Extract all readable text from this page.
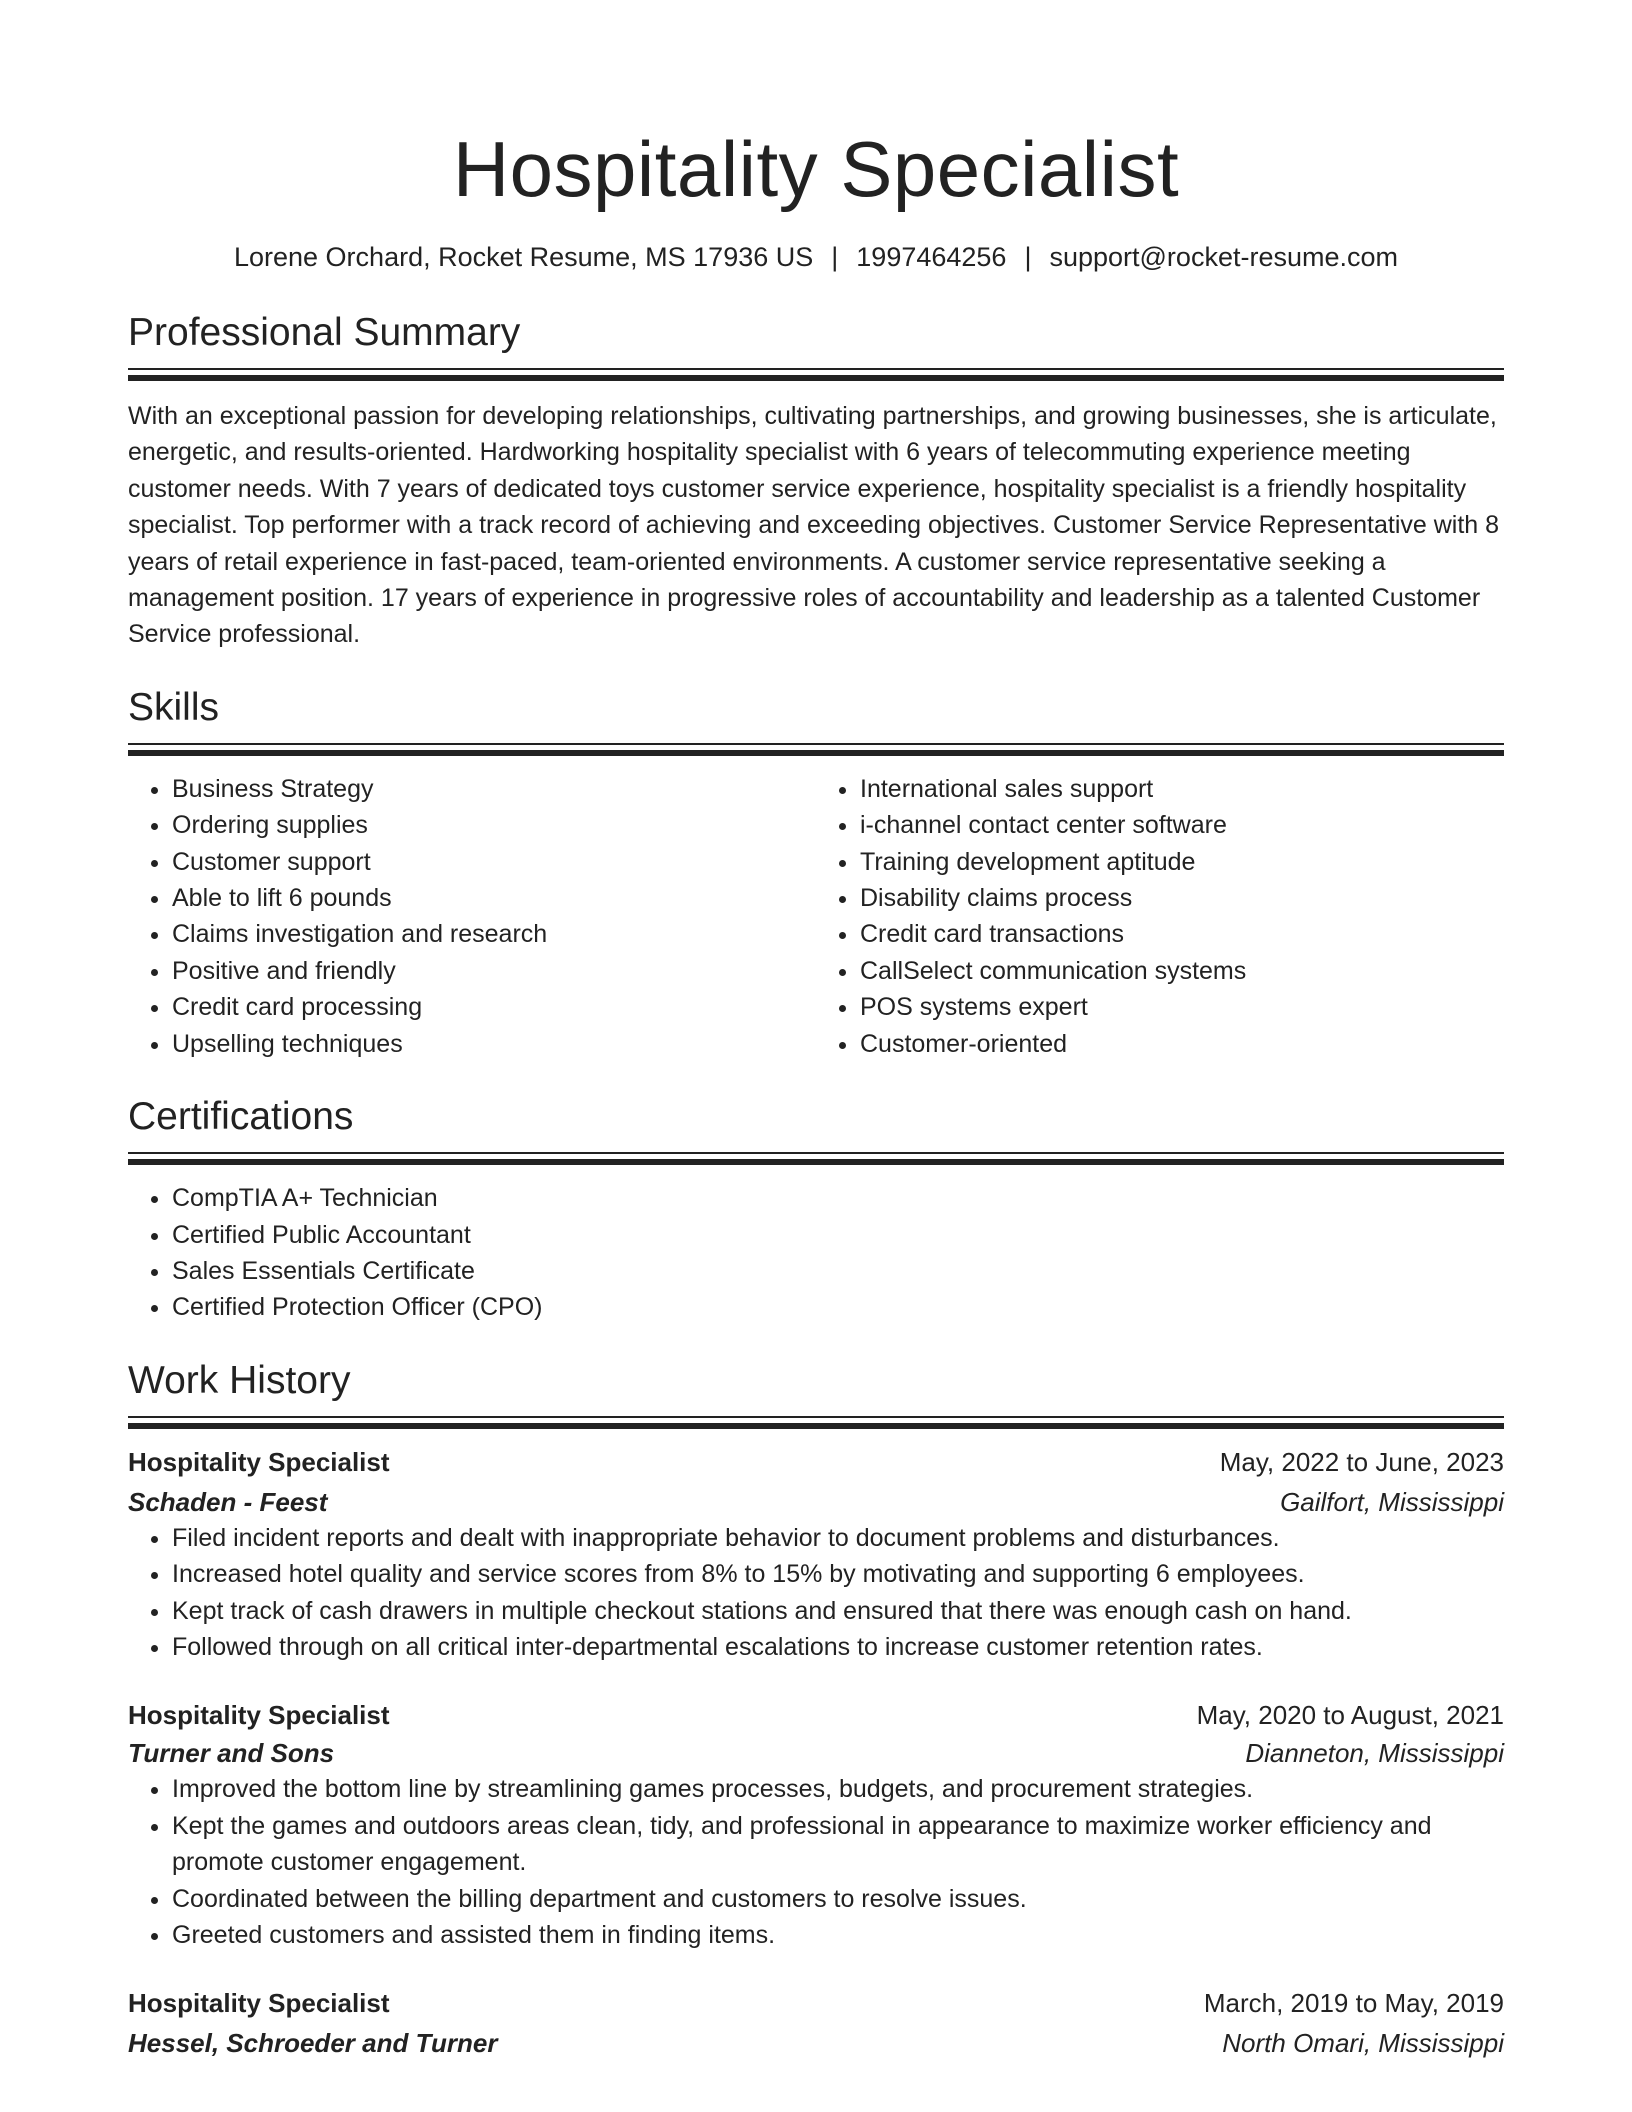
Hospitality Specialist
Lorene Orchard, Rocket Resume, MS 17936 US | 1997464256 | support@rocket-resume.com
Professional Summary

With an exceptional passion for developing relationships, cultivating partnerships, and growing businesses, she is articulate, energetic, and results-oriented. Hardworking hospitality specialist with 6 years of telecommuting experience meeting customer needs. With 7 years of dedicated toys customer service experience, hospitality specialist is a friendly hospitality specialist. Top performer with a track record of achieving and exceeding objectives. Customer Service Representative with 8 years of retail experience in fast-paced, team-oriented environments. A customer service representative seeking a management position. 17 years of experience in progressive roles of accountability and leadership as a talented Customer Service professional.

Skills
• Business Strategy
• Ordering supplies
• Customer support
• Able to lift 6 pounds
• Claims investigation and research
• Positive and friendly
• Credit card processing
• Upselling techniques
• International sales support
• i-channel contact center software
• Training development aptitude
• Disability claims process
• Credit card transactions
• CallSelect communication systems
• POS systems expert
• Customer-oriented
Certifications
• CompTIA A+ Technician
• Certified Public Accountant
• Sales Essentials Certificate
• Certified Protection Officer (CPO)
Work History
Hospitality Specialist	May, 2022 to June, 2023
Schaden - Feest	Gailfort, Mississippi
• Filed incident reports and dealt with inappropriate behavior to document problems and disturbances.
• Increased hotel quality and service scores from 8% to 15% by motivating and supporting 6 employees.
• Kept track of cash drawers in multiple checkout stations and ensured that there was enough cash on hand.
• Followed through on all critical inter-departmental escalations to increase customer retention rates.
Hospitality Specialist	May, 2020 to August, 2021
Turner and Sons	Dianneton, Mississippi
• Improved the bottom line by streamlining games processes, budgets, and procurement strategies.
• Kept the games and outdoors areas clean, tidy, and professional in appearance to maximize worker efficiency and promote customer engagement.
• Coordinated between the billing department and customers to resolve issues.
• Greeted customers and assisted them in finding items.
Hospitality Specialist	March, 2019 to May, 2019
Hessel, Schroeder and Turner	North Omari, Mississippi
